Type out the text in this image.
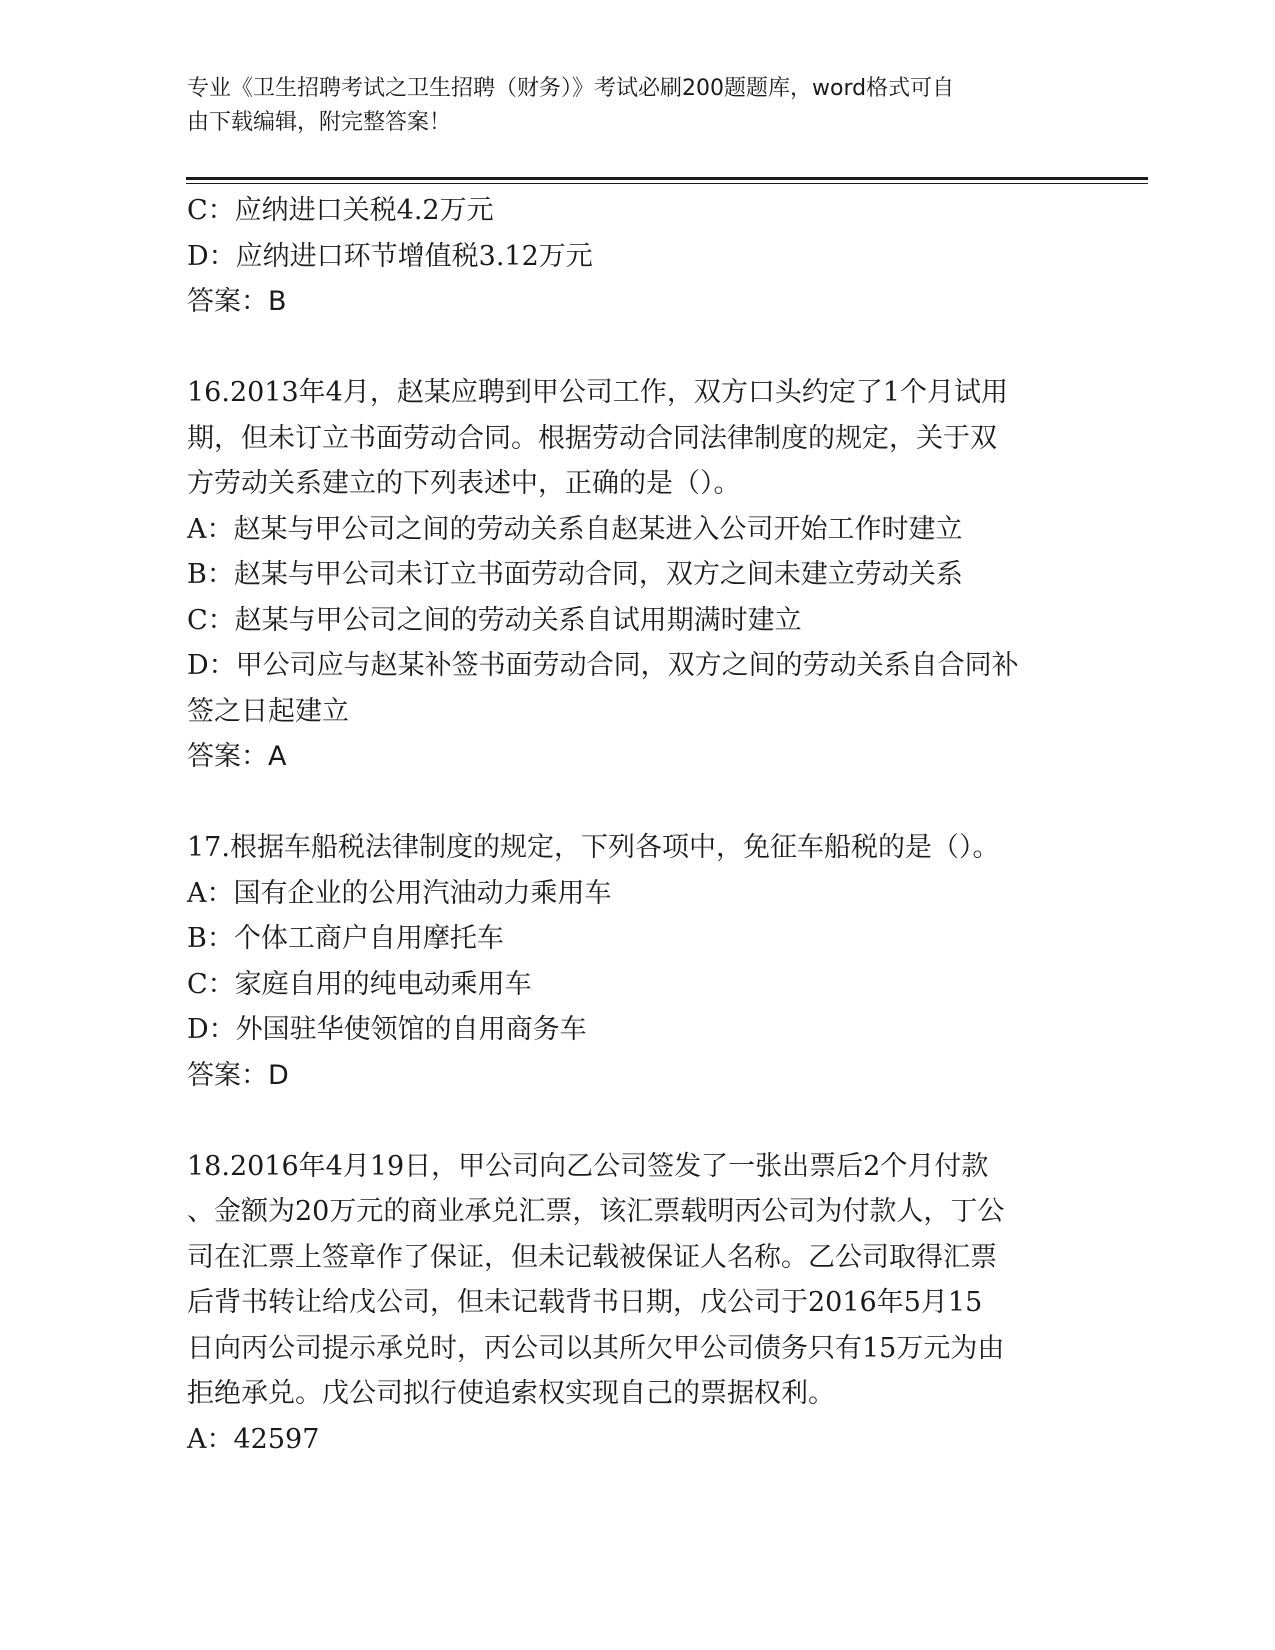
专业《卫生招聘考试之卫生招聘（财务）》考试必刷200题题库，word格式可自
由下载编辑，附完整答案！
C：应纳进口关税4.2万元
D：应纳进口环节增值税3.12万元
答案：B
16.2013年4月，赵某应聘到甲公司工作，双方口头约定了1个月试用
期，但未订立书面劳动合同。根据劳动合同法律制度的规定，关于双
方劳动关系建立的下列表述中，正确的是（）。
A：赵某与甲公司之间的劳动关系自赵某进入公司开始工作时建立
B：赵某与甲公司未订立书面劳动合同，双方之间未建立劳动关系
C：赵某与甲公司之间的劳动关系自试用期满时建立
D：甲公司应与赵某补签书面劳动合同，双方之间的劳动关系自合同补
签之日起建立
答案：A
17.根据车船税法律制度的规定，下列各项中，免征车船税的是（）。
A：国有企业的公用汽油动力乘用车
B：个体工商户自用摩托车
C：家庭自用的纯电动乘用车
D：外国驻华使领馆的自用商务车
答案：D
18.2016年4月19日，甲公司向乙公司签发了一张出票后2个月付款
、金额为20万元的商业承兑汇票，该汇票载明丙公司为付款人，丁公
司在汇票上签章作了保证，但未记载被保证人名称。乙公司取得汇票
后背书转让给戊公司，但未记载背书日期，戊公司于2016年5月15
日向丙公司提示承兑时，丙公司以其所欠甲公司债务只有15万元为由
拒绝承兑。戊公司拟行使追索权实现自己的票据权利。
A：42597
